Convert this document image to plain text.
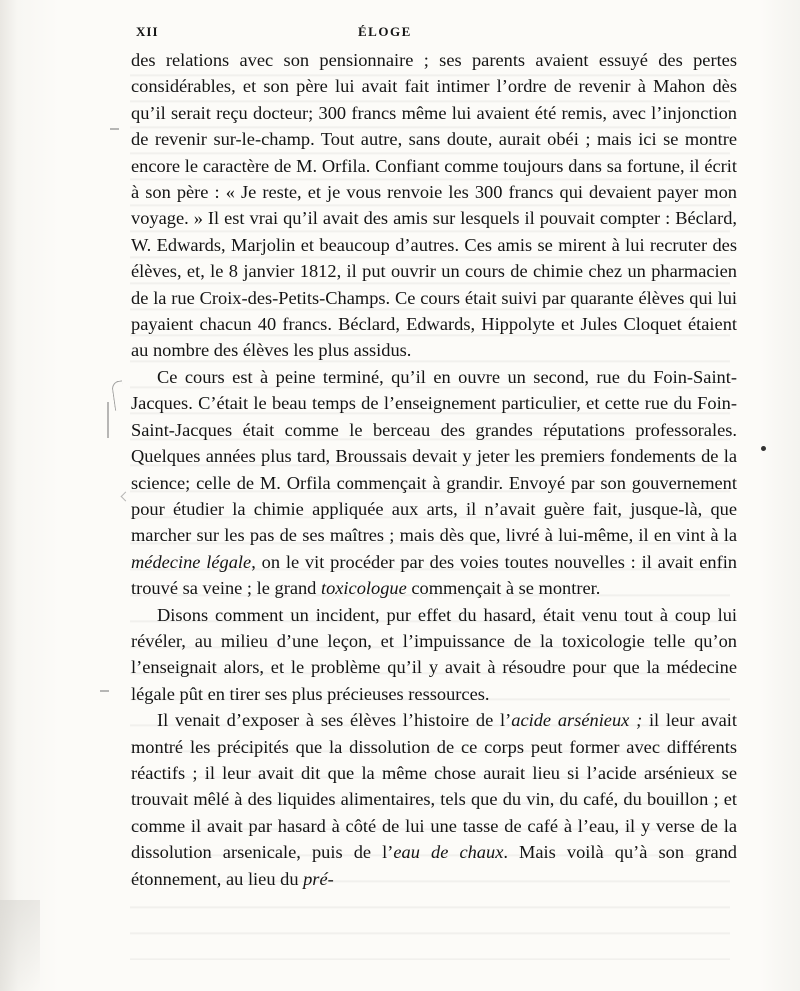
XII	ÉLOGE

des relations avec son pensionnaire ; ses parents avaient essuyé des pertes considérables, et son père lui avait fait intimer l’ordre de revenir à Mahon dès qu’il serait reçu docteur; 300 francs même lui avaient été remis, avec l’injonction de revenir sur-le-champ. Tout autre, sans doute, aurait obéi ; mais ici se montre encore le caractère de M. Orfila. Confiant comme toujours dans sa fortune, il écrit à son père : « Je reste, et je vous renvoie les 300 francs qui devaient payer mon voyage. » Il est vrai qu’il avait des amis sur lesquels il pouvait compter : Béclard, W. Edwards, Marjolin et beaucoup d’autres. Ces amis se mirent à lui recruter des élèves, et, le 8 janvier 1812, il put ouvrir un cours de chimie chez un pharmacien de la rue Croix-des-Petits-Champs. Ce cours était suivi par quarante élèves qui lui payaient chacun 40 francs. Béclard, Edwards, Hippolyte et Jules Cloquet étaient au nombre des élèves les plus assidus.

Ce cours est à peine terminé, qu’il en ouvre un second, rue du Foin-Saint-Jacques. C’était le beau temps de l’enseignement particulier, et cette rue du Foin-Saint-Jacques était comme le berceau des grandes réputations professorales. Quelques années plus tard, Broussais devait y jeter les premiers fondements de la science; celle de M. Orfila commençait à grandir. Envoyé par son gouvernement pour étudier la chimie appliquée aux arts, il n’avait guère fait, jusque-là, que marcher sur les pas de ses maîtres ; mais dès que, livré à lui-même, il en vint à la médecine légale, on le vit procéder par des voies toutes nouvelles : il avait enfin trouvé sa veine ; le grand toxicologue commençait à se montrer.

Disons comment un incident, pur effet du hasard, était venu tout à coup lui révéler, au milieu d’une leçon, et l’impuissance de la toxicologie telle qu’on l’enseignait alors, et le problème qu’il y avait à résoudre pour que la médecine légale pût en tirer ses plus précieuses ressources.

Il venait d’exposer à ses élèves l’histoire de l’acide arsénieux ; il leur avait montré les précipités que la dissolution de ce corps peut former avec différents réactifs ; il leur avait dit que la même chose aurait lieu si l’acide arsénieux se trouvait mêlé à des liquides alimentaires, tels que du vin, du café, du bouillon ; et comme il avait par hasard à côté de lui une tasse de café à l’eau, il y verse de la dissolution arsenicale, puis de l’eau de chaux. Mais voilà qu’à son grand étonnement, au lieu du pré-
